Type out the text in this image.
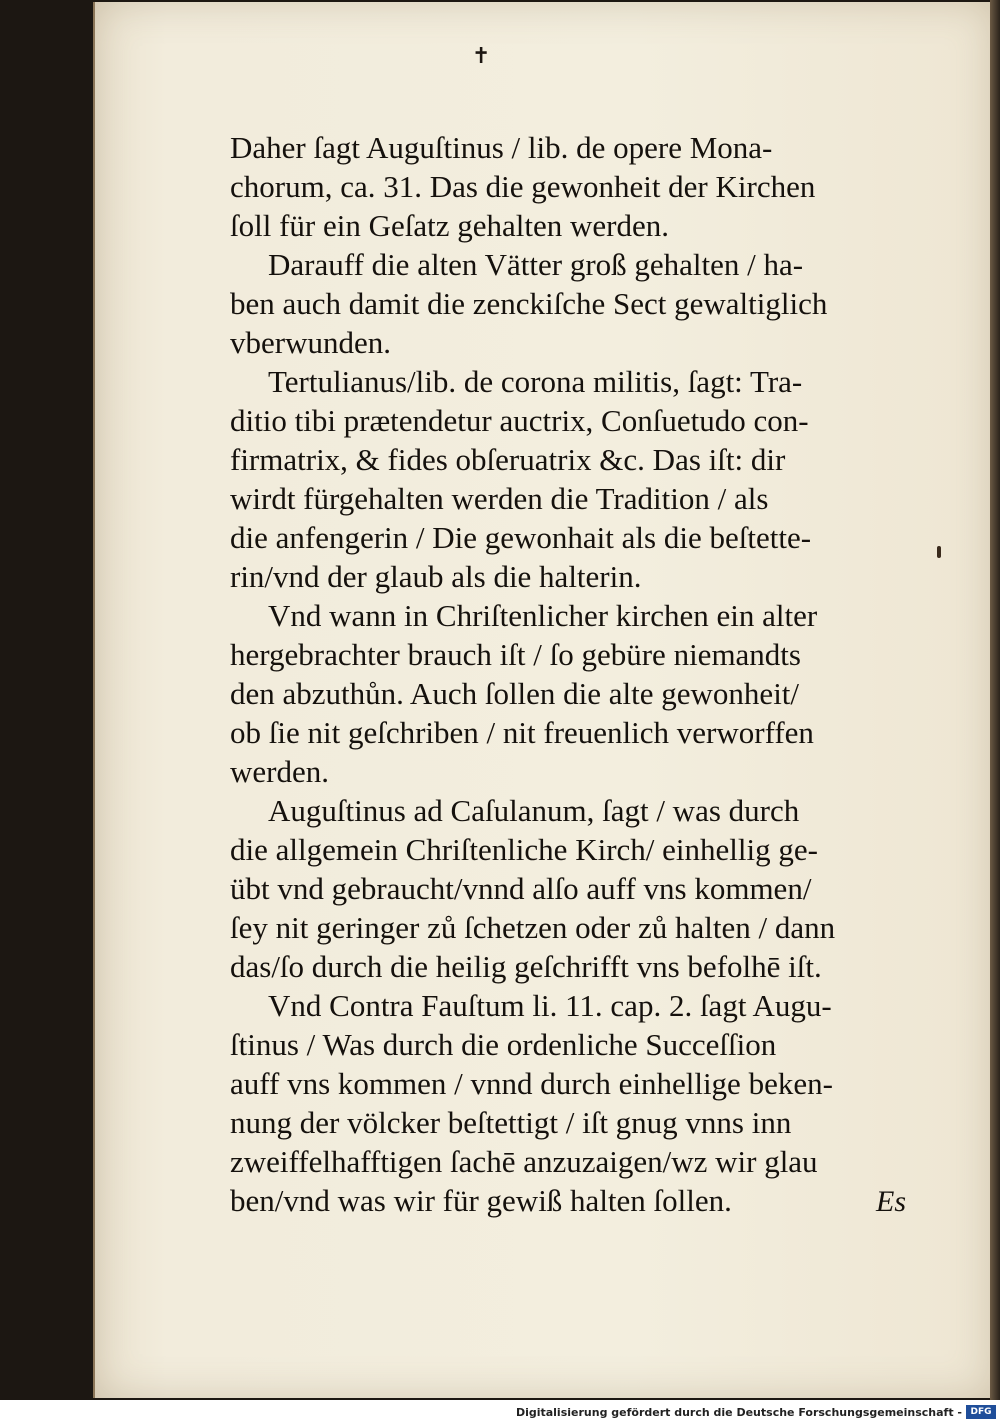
✝
Daher ſagt Auguſtinus / lib. de opere Mona-
chorum, ca. 31. Das die gewonheit der Kirchen
ſoll für ein Geſatz gehalten werden.
Darauff die alten Vätter groß gehalten / ha-
ben auch damit die zenckiſche Sect gewaltiglich
vberwunden.
Tertulianus/lib. de corona militis, ſagt: Tra-
ditio tibi prætendetur auctrix, Conſuetudo con-
firmatrix, & fides obſeruatrix &c. Das iſt: dir
wirdt fürgehalten werden die Tradition / als
die anfengerin / Die gewonhait als die beſtette-
rin/vnd der glaub als die halterin.
Vnd wann in Chriſtenlicher kirchen ein alter
hergebrachter brauch iſt / ſo gebüre niemandts
den abzuthůn. Auch ſollen die alte gewonheit/
ob ſie nit geſchriben / nit freuenlich verworffen
werden.
Auguſtinus ad Caſulanum, ſagt / was durch
die allgemein Chriſtenliche Kirch/ einhellig ge-
übt vnd gebraucht/vnnd alſo auff vns kommen/
ſey nit geringer zů ſchetzen oder zů halten / dann
das/ſo durch die heilig geſchrifft vns befolhē iſt.
Vnd Contra Fauſtum li. 11. cap. 2. ſagt Augu-
ſtinus / Was durch die ordenliche Succeſſion
auff vns kommen / vnnd durch einhellige beken-
nung der völcker beſtettigt / iſt gnug vnns inn
zweiffelhafftigen ſachē anzuzaigen/wz wir glau
ben/vnd was wir für gewiß halten ſollen.	Es
Digitalisierung gefördert durch die Deutsche Forschungsgemeinschaft - DFG
